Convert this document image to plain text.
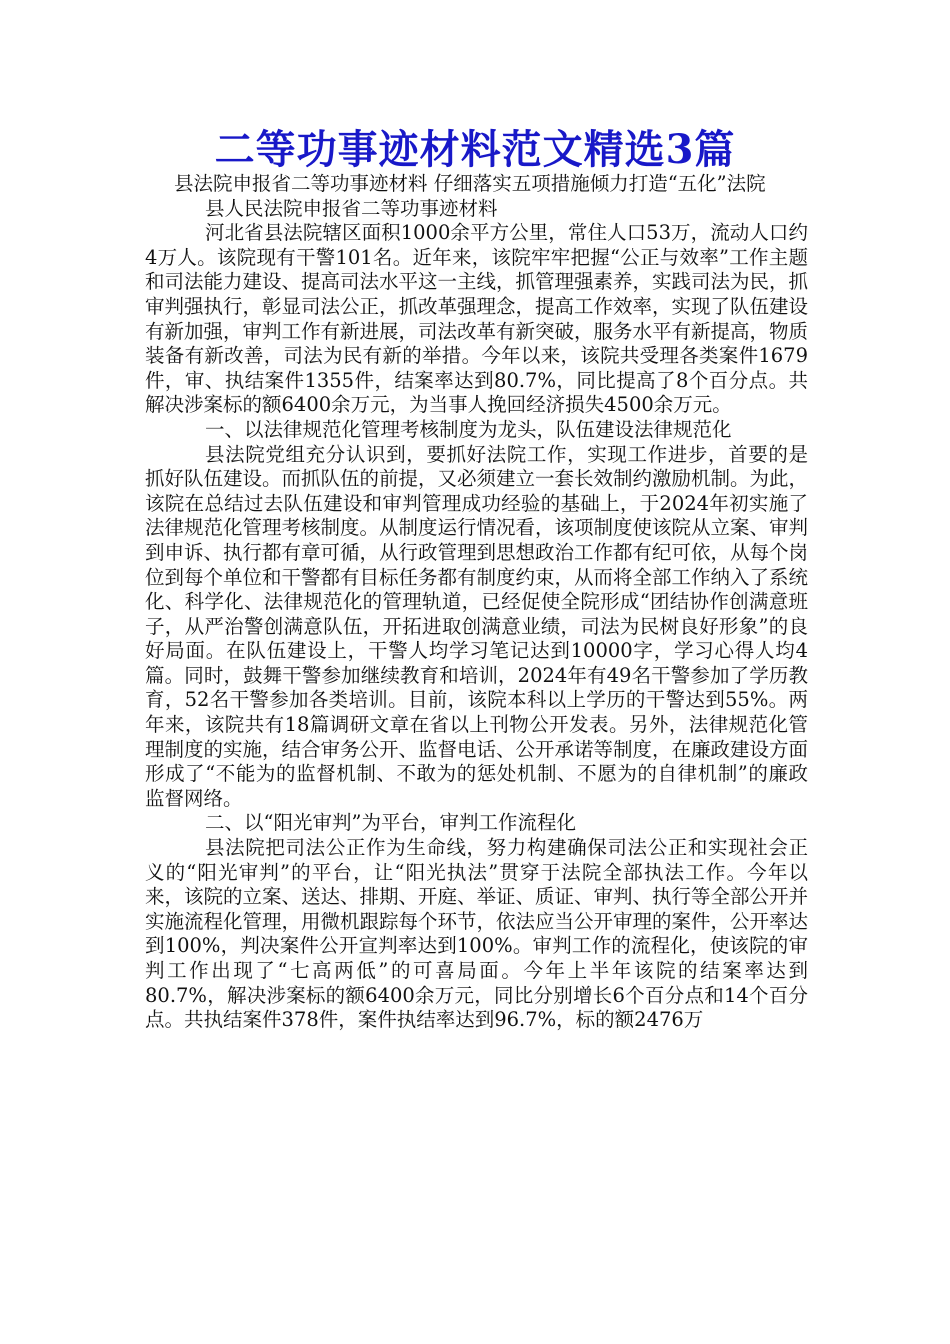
二等功事迹材料范文精选3篇

县法院申报省二等功事迹材料 仔细落实五项措施倾力打造“五化”法院

县人民法院申报省二等功事迹材料

河北省县法院辖区面积1000余平方公里，常住人口53万，流动人口约4万人。该院现有干警101名。近年来，该院牢牢把握“公正与效率”工作主题和司法能力建设、提高司法水平这一主线，抓管理强素养，实践司法为民，抓审判强执行，彰显司法公正，抓改革强理念，提高工作效率，实现了队伍建设有新加强，审判工作有新进展，司法改革有新突破，服务水平有新提高，物质装备有新改善，司法为民有新的举措。今年以来，该院共受理各类案件1679件，审、执结案件1355件，结案率达到80.7%，同比提高了8个百分点。共解决涉案标的额6400余万元，为当事人挽回经济损失4500余万元。

一、以法律规范化管理考核制度为龙头，队伍建设法律规范化

县法院党组充分认识到，要抓好法院工作，实现工作进步，首要的是抓好队伍建设。而抓队伍的前提，又必须建立一套长效制约激励机制。为此，该院在总结过去队伍建设和审判管理成功经验的基础上，于2024年初实施了法律规范化管理考核制度。从制度运行情况看，该项制度使该院从立案、审判到申诉、执行都有章可循，从行政管理到思想政治工作都有纪可依，从每个岗位到每个单位和干警都有目标任务都有制度约束，从而将全部工作纳入了系统化、科学化、法律规范化的管理轨道，已经促使全院形成“团结协作创满意班子，从严治警创满意队伍，开拓进取创满意业绩，司法为民树良好形象”的良好局面。在队伍建设上，干警人均学习笔记达到10000字，学习心得人均4篇。同时，鼓舞干警参加继续教育和培训，2024年有49名干警参加了学历教育，52名干警参加各类培训。目前，该院本科以上学历的干警达到55%。两年来，该院共有18篇调研文章在省以上刊物公开发表。另外，法律规范化管理制度的实施，结合审务公开、监督电话、公开承诺等制度，在廉政建设方面形成了“不能为的监督机制、不敢为的惩处机制、不愿为的自律机制”的廉政监督网络。

二、以“阳光审判”为平台，审判工作流程化

县法院把司法公正作为生命线，努力构建确保司法公正和实现社会正义的“阳光审判”的平台，让“阳光执法”贯穿于法院全部执法工作。今年以来，该院的立案、送达、排期、开庭、举证、质证、审判、执行等全部公开并实施流程化管理，用微机跟踪每个环节，依法应当公开审理的案件，公开率达到100%，判决案件公开宣判率达到100%。审判工作的流程化，使该院的审判工作出现了“七高两低”的可喜局面。今年上半年该院的结案率达到80.7%，解决涉案标的额6400余万元，同比分别增长6个百分点和14个百分点。共执结案件378件，案件执结率达到96.7%，标的额2476万
